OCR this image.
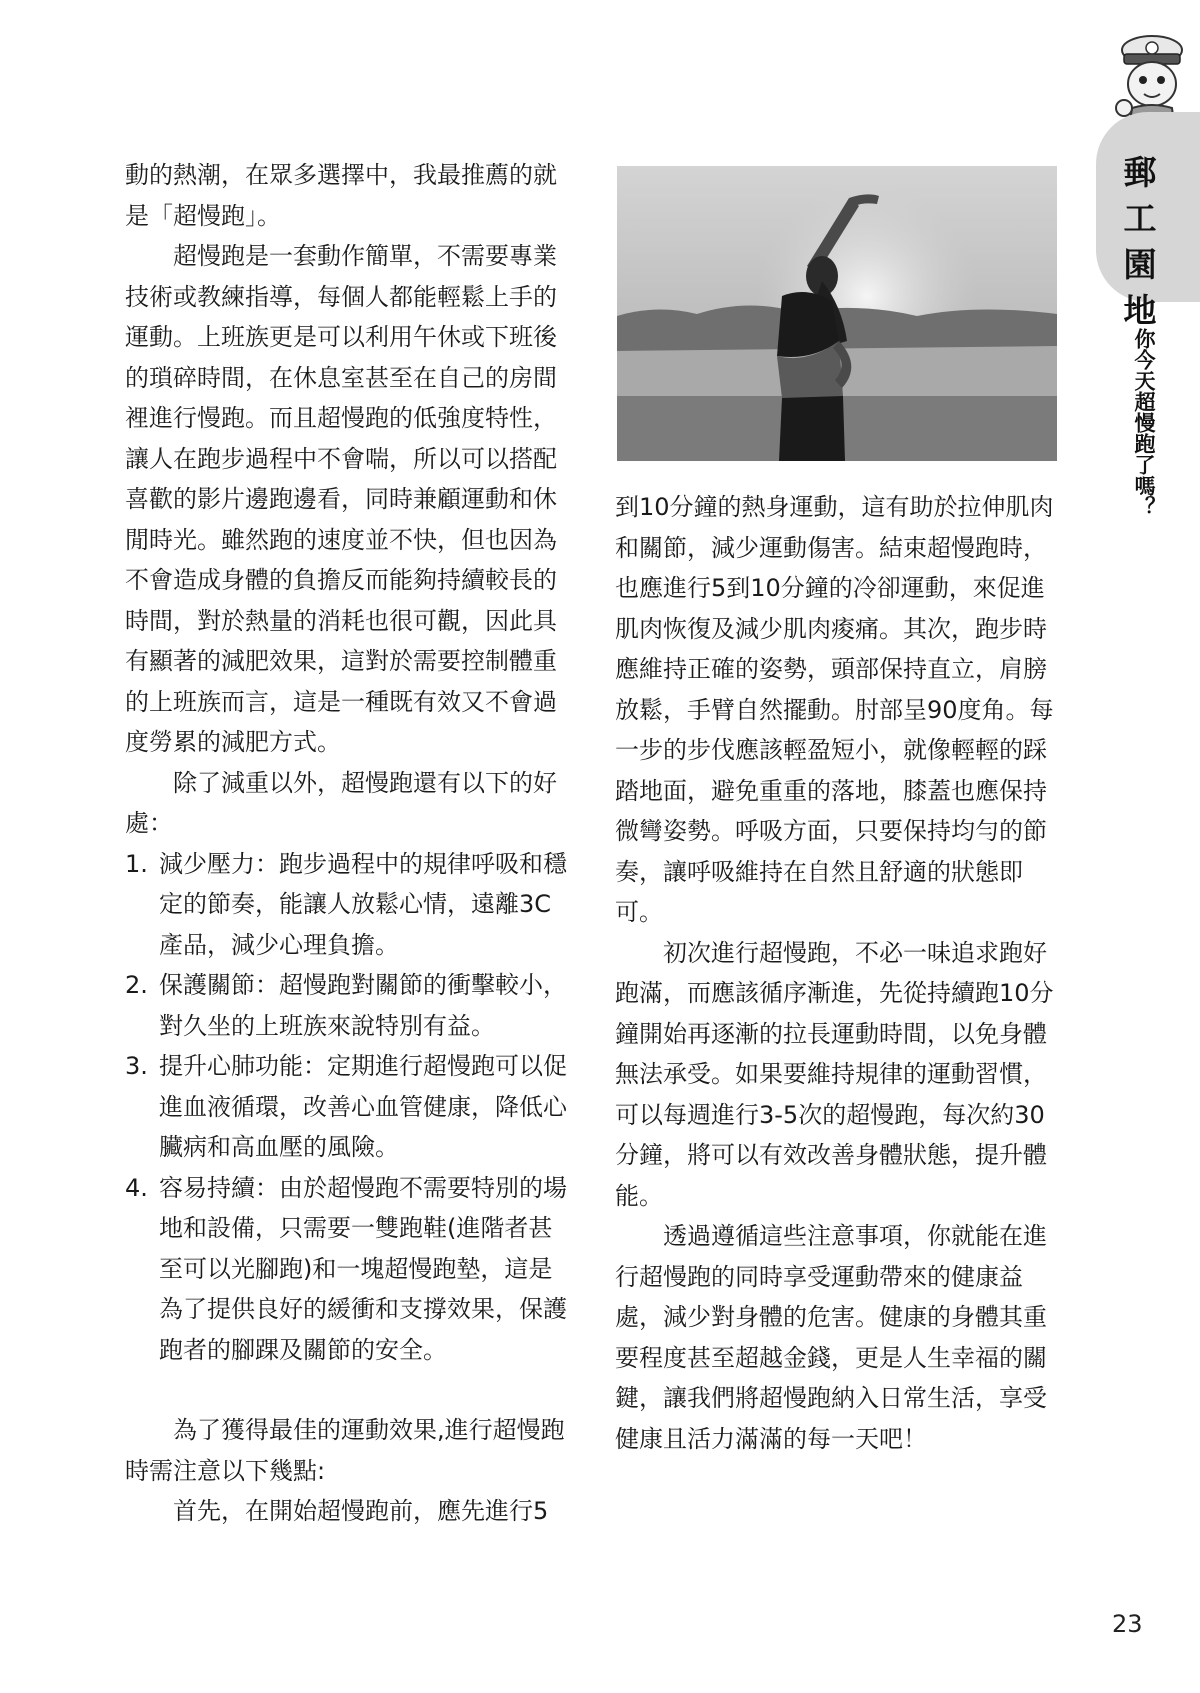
郵工園地
你今天超慢跑了嗎？

動的熱潮，在眾多選擇中，我最推薦的就是「超慢跑」。

超慢跑是一套動作簡單，不需要專業技術或教練指導，每個人都能輕鬆上手的運動。上班族更是可以利用午休或下班後的瑣碎時間，在休息室甚至在自己的房間裡進行慢跑。而且超慢跑的低強度特性，讓人在跑步過程中不會喘，所以可以搭配喜歡的影片邊跑邊看，同時兼顧運動和休閒時光。雖然跑的速度並不快，但也因為不會造成身體的負擔反而能夠持續較長的時間，對於熱量的消耗也很可觀，因此具有顯著的減肥效果，這對於需要控制體重的上班族而言，這是一種既有效又不會過度勞累的減肥方式。

除了減重以外，超慢跑還有以下的好處：

1. 減少壓力：跑步過程中的規律呼吸和穩定的節奏，能讓人放鬆心情，遠離3C產品，減少心理負擔。
2. 保護關節：超慢跑對關節的衝擊較小，對久坐的上班族來說特別有益。
3. 提升心肺功能：定期進行超慢跑可以促進血液循環，改善心血管健康，降低心臟病和高血壓的風險。
4. 容易持續：由於超慢跑不需要特別的場地和設備，只需要一雙跑鞋(進階者甚至可以光腳跑)和一塊超慢跑墊，這是為了提供良好的緩衝和支撐效果，保護跑者的腳踝及關節的安全。

為了獲得最佳的運動效果,進行超慢跑時需注意以下幾點:

首先，在開始超慢跑前，應先進行5

到10分鐘的熱身運動，這有助於拉伸肌肉和關節，減少運動傷害。結束超慢跑時，也應進行5到10分鐘的冷卻運動，來促進肌肉恢復及減少肌肉痠痛。其次，跑步時應維持正確的姿勢，頭部保持直立，肩膀放鬆，手臂自然擺動。肘部呈90度角。每一步的步伐應該輕盈短小，就像輕輕的踩踏地面，避免重重的落地，膝蓋也應保持微彎姿勢。呼吸方面，只要保持均勻的節奏，讓呼吸維持在自然且舒適的狀態即可。

初次進行超慢跑，不必一味追求跑好跑滿，而應該循序漸進，先從持續跑10分鐘開始再逐漸的拉長運動時間，以免身體無法承受。如果要維持規律的運動習慣，可以每週進行3-5次的超慢跑，每次約30分鐘，將可以有效改善身體狀態，提升體能。

透過遵循這些注意事項，你就能在進行超慢跑的同時享受運動帶來的健康益處，減少對身體的危害。健康的身體其重要程度甚至超越金錢，更是人生幸福的關鍵，讓我們將超慢跑納入日常生活，享受健康且活力滿滿的每一天吧！

23
